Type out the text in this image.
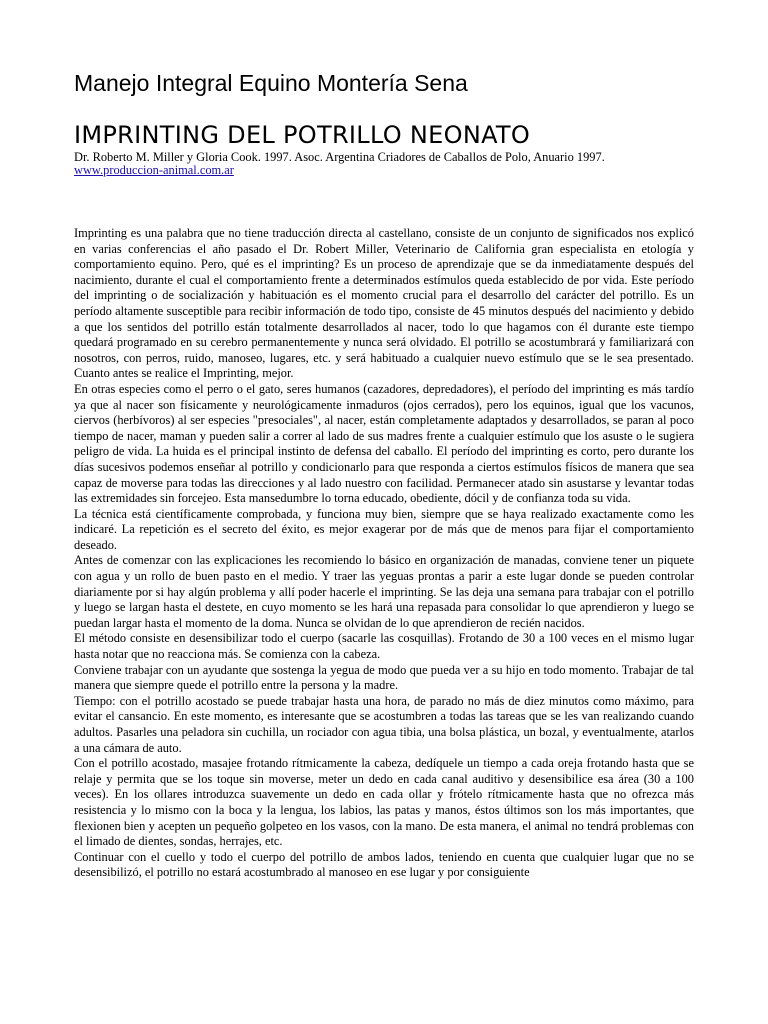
Manejo Integral Equino Montería Sena
IMPRINTING DEL POTRILLO NEONATO
Dr. Roberto M. Miller y Gloria Cook. 1997. Asoc. Argentina Criadores de Caballos de Polo, Anuario 1997.
www.produccion-animal.com.ar

Imprinting es una palabra que no tiene traducción directa al castellano, consiste de un conjunto de significados nos explicó en varias conferencias el año pasado el Dr. Robert Miller, Veterinario de California gran especialista en etología y comportamiento equino. Pero, qué es el imprinting? Es un proceso de aprendizaje que se da inmediatamente después del nacimiento, durante el cual el comportamiento frente a determinados estímulos queda establecido de por vida. Este período del imprinting o de socialización y habituación es el momento crucial para el desarrollo del carácter del potrillo. Es un período altamente susceptible para recibir información de todo tipo, consiste de 45 minutos después del nacimiento y debido a que los sentidos del potrillo están totalmente desarrollados al nacer, todo lo que hagamos con él durante este tiempo quedará programado en su cerebro permanentemente y nunca será olvidado. El potrillo se acostumbrará y familiarizará con nosotros, con perros, ruido, manoseo, lugares, etc. y será habituado a cualquier nuevo estímulo que se le sea presentado. Cuanto antes se realice el Imprinting, mejor.

En otras especies como el perro o el gato, seres humanos (cazadores, depredadores), el período del imprinting es más tardío ya que al nacer son físicamente y neurológicamente inmaduros (ojos cerrados), pero los equinos, igual que los vacunos, ciervos (herbívoros) al ser especies "presociales", al nacer, están completamente adaptados y desarrollados, se paran al poco tiempo de nacer, maman y pueden salir a correr al lado de sus madres frente a cualquier estímulo que los asuste o le sugiera peligro de vida. La huida es el principal instinto de defensa del caballo. El período del imprinting es corto, pero durante los días sucesivos podemos enseñar al potrillo y condicionarlo para que responda a ciertos estímulos físicos de manera que sea capaz de moverse para todas las direcciones y al lado nuestro con facilidad. Permanecer atado sin asustarse y levantar todas las extremidades sin forcejeo. Esta mansedumbre lo torna educado, obediente, dócil y de confianza toda su vida.

La técnica está científicamente comprobada, y funciona muy bien, siempre que se haya realizado exactamente como les indicaré. La repetición es el secreto del éxito, es mejor exagerar por de más que de menos para fijar el comportamiento deseado.

Antes de comenzar con las explicaciones les recomiendo lo básico en organización de manadas, conviene tener un piquete con agua y un rollo de buen pasto en el medio. Y traer las yeguas prontas a parir a este lugar donde se pueden controlar diariamente por si hay algún problema y allí poder hacerle el imprinting. Se las deja una semana para trabajar con el potrillo y luego se largan hasta el destete, en cuyo momento se les hará una repasada para consolidar lo que aprendieron y luego se puedan largar hasta el momento de la doma. Nunca se olvidan de lo que aprendieron de recién nacidos.

El método consiste en desensibilizar todo el cuerpo (sacarle las cosquillas). Frotando de 30 a 100 veces en el mismo lugar hasta notar que no reacciona más. Se comienza con la cabeza.

Conviene trabajar con un ayudante que sostenga la yegua de modo que pueda ver a su hijo en todo momento. Trabajar de tal manera que siempre quede el potrillo entre la persona y la madre.

Tiempo: con el potrillo acostado se puede trabajar hasta una hora, de parado no más de diez minutos como máximo, para evitar el cansancio. En este momento, es interesante que se acostumbren a todas las tareas que se les van realizando cuando adultos. Pasarles una peladora sin cuchilla, un rociador con agua tibia, una bolsa plástica, un bozal, y eventualmente, atarlos a una cámara de auto.

Con el potrillo acostado, masajee frotando rítmicamente la cabeza, dedíquele un tiempo a cada oreja frotando hasta que se relaje y permita que se los toque sin moverse, meter un dedo en cada canal auditivo y desensibilice esa área (30 a 100 veces). En los ollares introduzca suavemente un dedo en cada ollar y frótelo rítmicamente hasta que no ofrezca más resistencia y lo mismo con la boca y la lengua, los labios, las patas y manos, éstos últimos son los más importantes, que flexionen bien y acepten un pequeño golpeteo en los vasos, con la mano. De esta manera, el animal no tendrá problemas con el limado de dientes, sondas, herrajes, etc.

Continuar con el cuello y todo el cuerpo del potrillo de ambos lados, teniendo en cuenta que cualquier lugar que no se desensibilizó, el potrillo no estará acostumbrado al manoseo en ese lugar y por consiguiente
